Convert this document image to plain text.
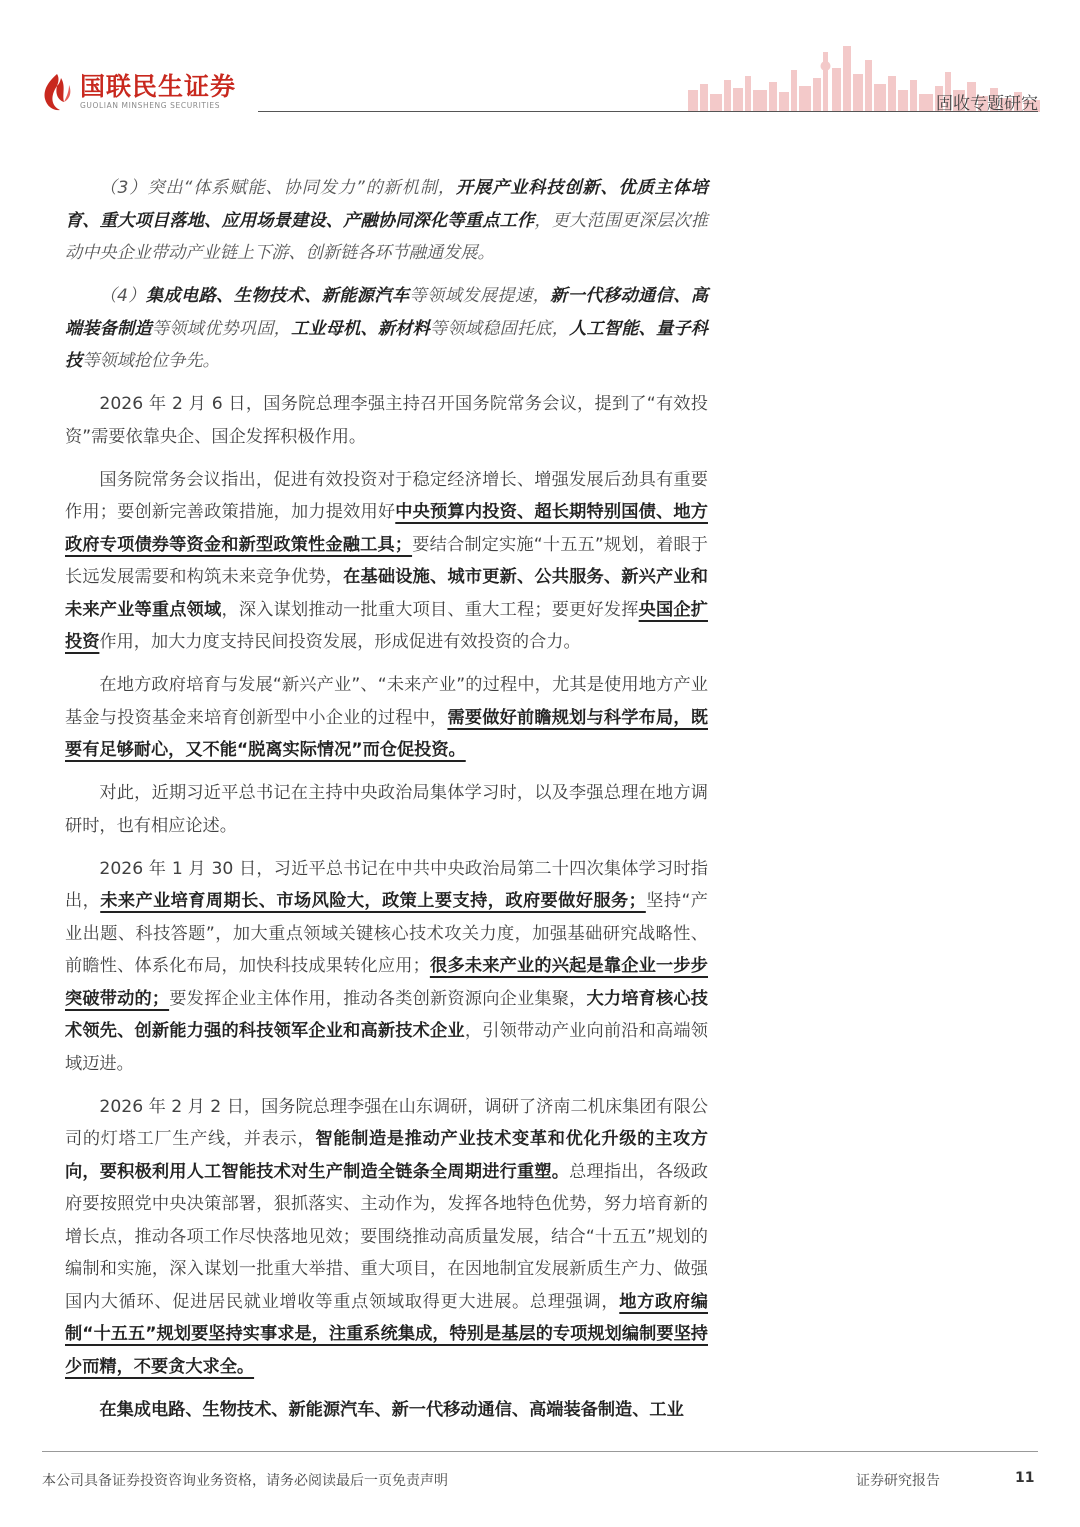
国联民生证券
GUOLIAN MINSHENG SECURITIES	固收专题研究

（3）突出“体系赋能、协同发力”的新机制，开展产业科技创新、优质主体培育、重大项目落地、应用场景建设、产融协同深化等重点工作，更大范围更深层次推动中央企业带动产业链上下游、创新链各环节融通发展。

（4）集成电路、生物技术、新能源汽车等领域发展提速，新一代移动通信、高端装备制造等领域优势巩固，工业母机、新材料等领域稳固托底，人工智能、量子科技等领域抢位争先。

2026 年 2 月 6 日，国务院总理李强主持召开国务院常务会议，提到了“有效投资”需要依靠央企、国企发挥积极作用。

国务院常务会议指出，促进有效投资对于稳定经济增长、增强发展后劲具有重要作用；要创新完善政策措施，加力提效用好中央预算内投资、超长期特别国债、地方政府专项债券等资金和新型政策性金融工具；要结合制定实施“十五五”规划，着眼于长远发展需要和构筑未来竞争优势，在基础设施、城市更新、公共服务、新兴产业和未来产业等重点领域，深入谋划推动一批重大项目、重大工程；要更好发挥央国企扩投资作用，加大力度支持民间投资发展，形成促进有效投资的合力。

在地方政府培育与发展“新兴产业”、“未来产业”的过程中，尤其是使用地方产业基金与投资基金来培育创新型中小企业的过程中，需要做好前瞻规划与科学布局，既要有足够耐心，又不能“脱离实际情况”而仓促投资。

对此，近期习近平总书记在主持中央政治局集体学习时，以及李强总理在地方调研时，也有相应论述。

2026 年 1 月 30 日，习近平总书记在中共中央政治局第二十四次集体学习时指出，未来产业培育周期长、市场风险大，政策上要支持，政府要做好服务；坚持“产业出题、科技答题”，加大重点领域关键核心技术攻关力度，加强基础研究战略性、前瞻性、体系化布局，加快科技成果转化应用；很多未来产业的兴起是靠企业一步步突破带动的；要发挥企业主体作用，推动各类创新资源向企业集聚，大力培育核心技术领先、创新能力强的科技领军企业和高新技术企业，引领带动产业向前沿和高端领域迈进。

2026 年 2 月 2 日，国务院总理李强在山东调研，调研了济南二机床集团有限公司的灯塔工厂生产线，并表示，智能制造是推动产业技术变革和优化升级的主攻方向，要积极利用人工智能技术对生产制造全链条全周期进行重塑。总理指出，各级政府要按照党中央决策部署，狠抓落实、主动作为，发挥各地特色优势，努力培育新的增长点，推动各项工作尽快落地见效；要围绕推动高质量发展，结合“十五五”规划的编制和实施，深入谋划一批重大举措、重大项目，在因地制宜发展新质生产力、做强国内大循环、促进居民就业增收等重点领域取得更大进展。总理强调，地方政府编制“十五五”规划要坚持实事求是，注重系统集成，特别是基层的专项规划编制要坚持少而精，不要贪大求全。

在集成电路、生物技术、新能源汽车、新一代移动通信、高端装备制造、工业

本公司具备证券投资咨询业务资格，请务必阅读最后一页免责声明	证券研究报告	11
